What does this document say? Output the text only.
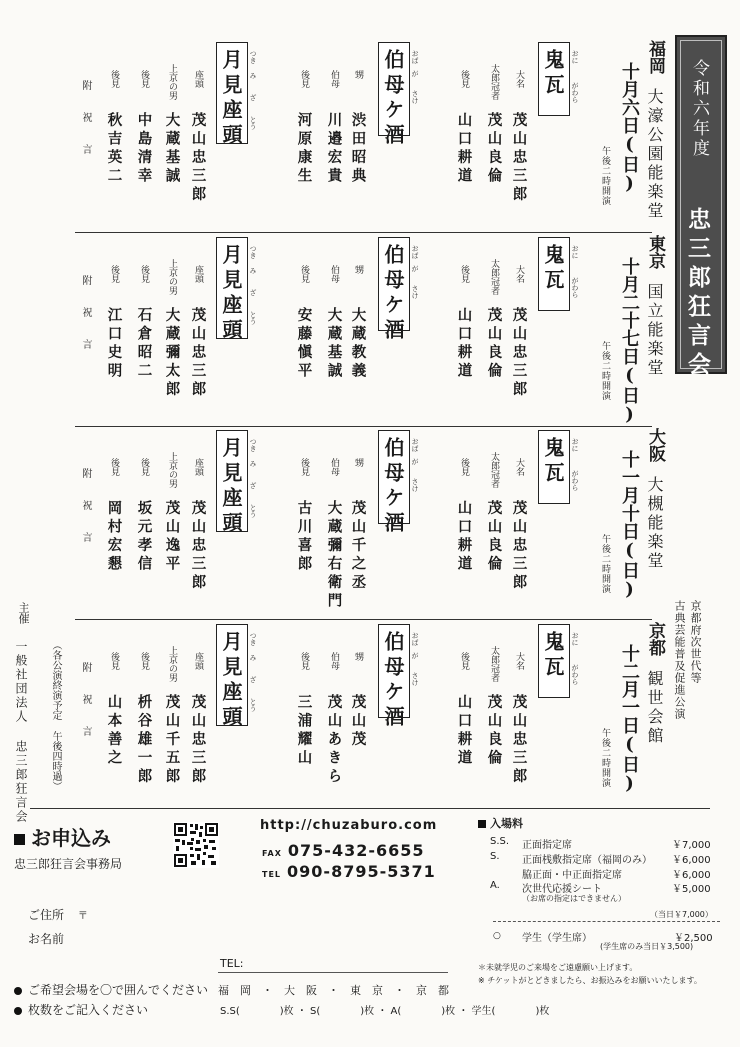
令和六年度
忠三郎狂言会
京都府次世代等
古典芸能普及促進公演
福岡
大濠公園能楽堂
十月六日(日)
午後二時開演
鬼瓦 おに
がわら
大名
茂山忠三郎
太郎冠者
茂山良倫
後見
山口耕道
伯母ケ酒 おば
が
さけ
甥
渋田昭典
伯母
川邉宏貴
後見
河原康生
月見座頭 つき
み
ざ
とう
座頭
茂山忠三郎
上京の男
大蔵基誠
後見
中島清幸
後見
秋吉英二
附祝言
東京
国立能楽堂
十月二十七日(日)
午後二時開演
鬼瓦 おに
がわら
大名
茂山忠三郎
太郎冠者
茂山良倫
後見
山口耕道
伯母ケ酒 おば
が
さけ
甥
大蔵教義
伯母
大蔵基誠
後見
安藤愼平
月見座頭 つき
み
ざ
とう
座頭
茂山忠三郎
上京の男
大蔵彌太郎
後見
石倉昭二
後見
江口史明
附祝言
大阪
大槻能楽堂
十一月十日(日)
午後二時開演
鬼瓦 おに
がわら
大名
茂山忠三郎
太郎冠者
茂山良倫
後見
山口耕道
伯母ケ酒 おば
が
さけ
甥
茂山千之丞
伯母
大蔵彌右衛門
後見
古川喜郎
月見座頭 つき
み
ざ
とう
座頭
茂山忠三郎
上京の男
茂山逸平
後見
坂元孝信
後見
岡村宏懇
附祝言
京都
観世会館
十二月一日(日)
午後二時開演
鬼瓦 おに
がわら
大名
茂山忠三郎
太郎冠者
茂山良倫
後見
山口耕道
伯母ケ酒 おば
が
さけ
甥
茂山茂
伯母
茂山あきら
後見
三浦耀山
月見座頭 つき
み
ざ
とう
座頭
茂山忠三郎
上京の男
茂山千五郎
後見
枡谷雄一郎
後見
山本善之
附祝言
主催
一般社団法人 忠三郎狂言会 （各公演終演予定 午後四時過）
お申込み
忠三郎狂言会事務局
http://chuzaburo.com
FAX 075-432-6655
TEL 090-8795-5371
ご住所 〒
お名前
TEL:
ご希望会場を〇で囲んでください 福　岡　・　大　阪　・　東　京　・　京　都
枚数をご記入ください	S.S(　　　　)枚 ・ S(　　　　)枚 ・ A(　　　　)枚 ・ 学生(　　　　)枚
入場料
S.S. 正面指定席	￥7,000
S. 正面桟敷指定席（福岡のみ） ￥6,000
脇正面・中正面指定席	￥6,000
A. 次世代応援シート	￥5,000
（お席の指定はできません）
（当日￥7,000）
○ 学生（学生席）	￥2,500
(学生席のみ当日￥3,500)
＊未就学児のご来場をご遠慮願い上げます。
※ チケットがとどきましたら、お振込みをお願いいたします。
